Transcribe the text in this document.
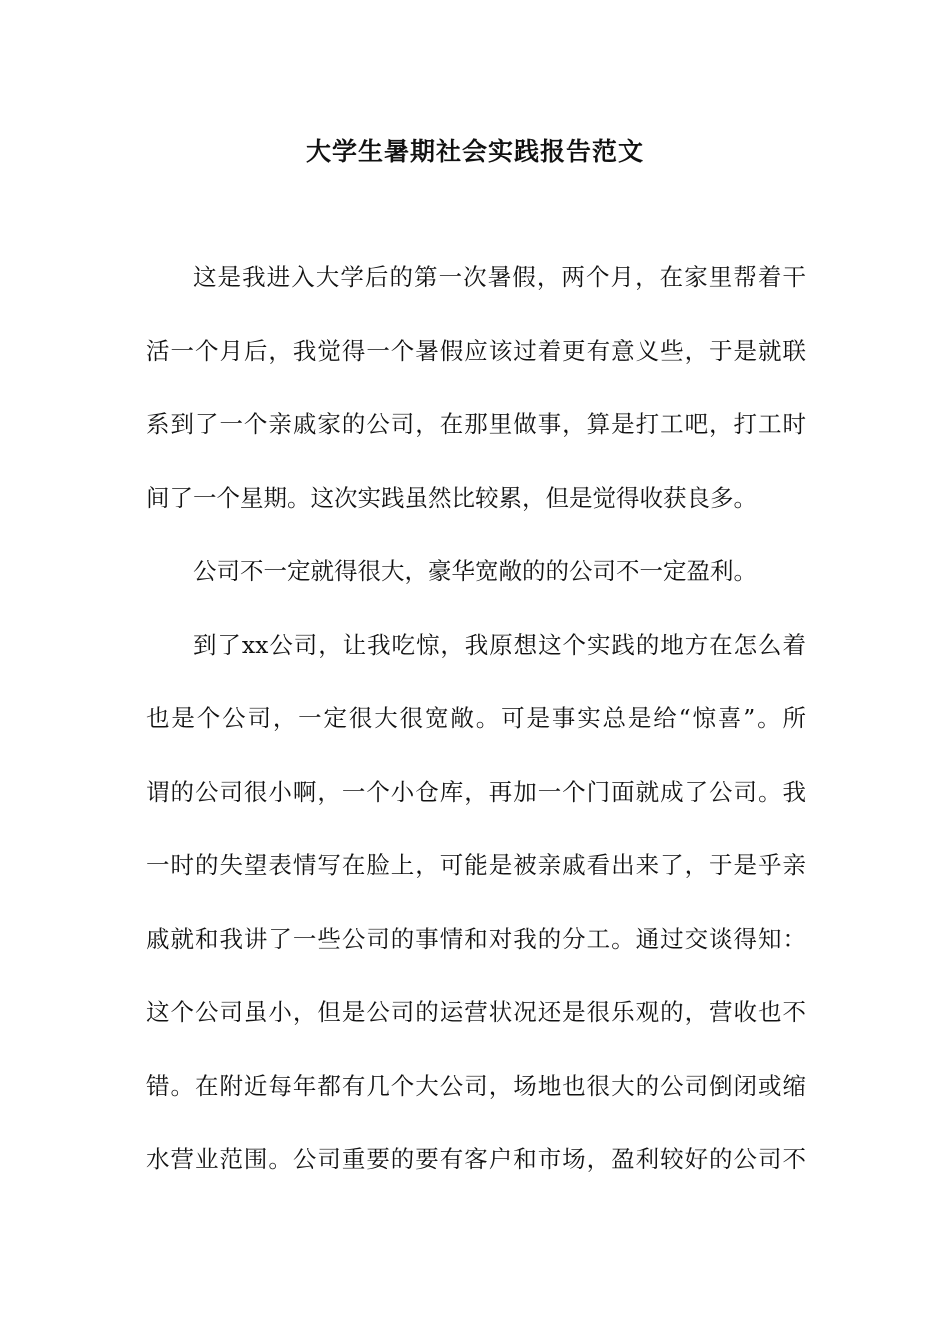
大学生暑期社会实践报告范文
这是我进入大学后的第一次暑假，两个月，在家里帮着干
活一个月后，我觉得一个暑假应该过着更有意义些，于是就联
系到了一个亲戚家的公司，在那里做事，算是打工吧，打工时
间了一个星期。这次实践虽然比较累，但是觉得收获良多。
公司不一定就得很大，豪华宽敞的的公司不一定盈利。
到了xx公司，让我吃惊，我原想这个实践的地方在怎么着
也是个公司，一定很大很宽敞。可是事实总是给“惊喜”。所
谓的公司很小啊，一个小仓库，再加一个门面就成了公司。我
一时的失望表情写在脸上，可能是被亲戚看出来了，于是乎亲
戚就和我讲了一些公司的事情和对我的分工。通过交谈得知：
这个公司虽小，但是公司的运营状况还是很乐观的，营收也不
错。在附近每年都有几个大公司，场地也很大的公司倒闭或缩
水营业范围。公司重要的要有客户和市场，盈利较好的公司不
